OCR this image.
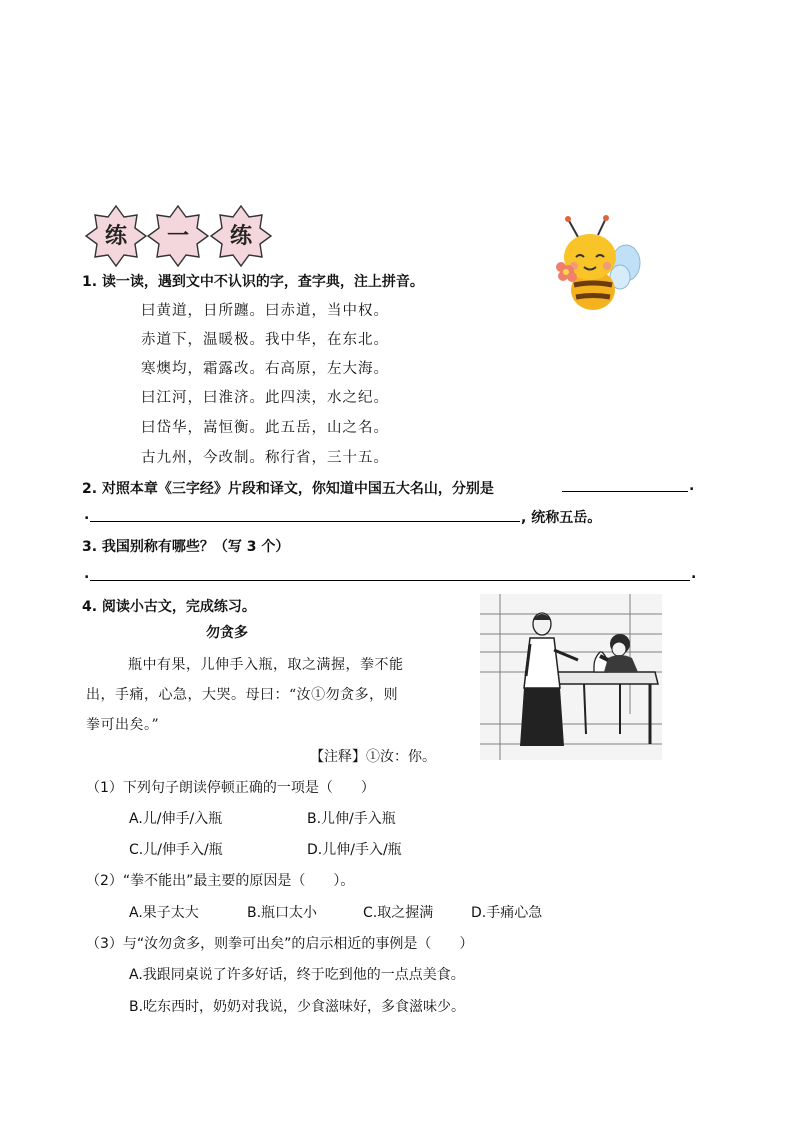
练	一	练
1. 读一读，遇到文中不认识的字，查字典，注上拼音。
曰黄道，日所躔。曰赤道，当中权。
赤道下，温暖极。我中华，在东北。
寒燠均，霜露改。右高原，左大海。
曰江河，曰淮济。此四渎，水之纪。
曰岱华，嵩恒衡。此五岳，山之名。
古九州，今改制。称行省，三十五。
2. 对照本章《三字经》片段和译文，你知道中国五大名山，分别是	.
.	, 统称五岳。
3. 我国别称有哪些？（写 3 个）
.	.
4. 阅读小古文，完成练习。
勿贪多
瓶中有果，儿伸手入瓶，取之满握，拳不能
出，手痛，心急，大哭。母曰：“汝①勿贪多，则
拳可出矣。”
【注释】①汝：你。
（1）下列句子朗读停顿正确的一项是（　　）
A.儿/伸手/入瓶	B.儿伸/手入瓶
C.儿/伸手入/瓶	D.儿伸/手入/瓶
（2）“拳不能出”最主要的原因是（　　）。
A.果子太大	B.瓶口太小	C.取之握满	D.手痛心急
（3）与“汝勿贪多，则拳可出矣”的启示相近的事例是（　　）
A.我跟同桌说了许多好话，终于吃到他的一点点美食。
B.吃东西时，奶奶对我说，少食滋味好，多食滋味少。
